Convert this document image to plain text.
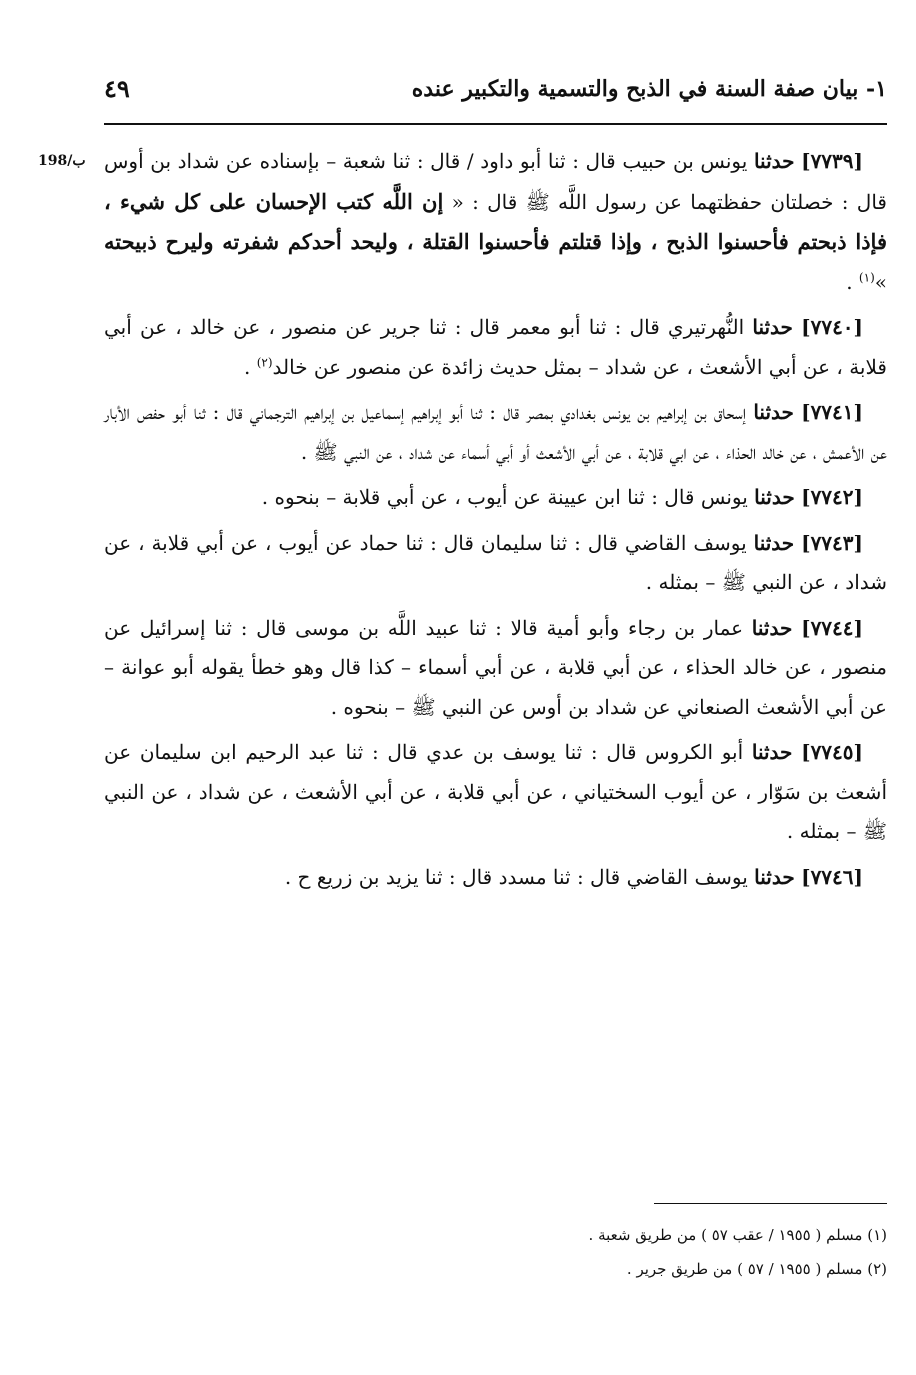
١- بيان صفة السنة في الذبح والتسمية والتكبير عنده
٤٩
198/ب	[٧٧٣٩] حدثنا يونس بن حبيب قال : ثنا أبو داود / قال : ثنا شعبة – بإسناده عن شداد بن أوس قال : خصلتان حفظتهما عن رسول اللَّه ﷺ قال : « إن اللَّه كتب الإحسان على كل شيء ، فإذا ذبحتم فأحسنوا الذبح ، وإذا قتلتم فأحسنوا القتلة ، وليحد أحدكم شفرته وليرح ذبيحته »$^{(١)}$ .

[٧٧٤٠] حدثنا النُّهرتيري قال : ثنا أبو معمر قال : ثنا جرير عن منصور ، عن خالد ، عن أبي قلابة ، عن أبي الأشعث ، عن شداد – بمثل حديث زائدة عن منصور عن خالد$^{(٢)}$ .

[٧٧٤١] حدثنا إسحاق بن إبراهيم بن يونس بغدادي بمصر قال : ثنا أبو إبراهيم إسماعيل بن إبراهيم الترجماني قال : ثنا أبو حفص الأبار عن الأعمش ، عن خالد الحذاء ، عن ابي قلابة ، عن أبي الأشعث أو أبي أسماء عن شداد ، عن النبي ﷺ .

[٧٧٤٢] حدثنا يونس قال : ثنا ابن عيينة عن أيوب ، عن أبي قلابة – بنحوه .

[٧٧٤٣] حدثنا يوسف القاضي قال : ثنا سليمان قال : ثنا حماد عن أيوب ، عن أبي قلابة ، عن شداد ، عن النبي ﷺ – بمثله .

[٧٧٤٤] حدثنا عمار بن رجاء وأبو أمية قالا : ثنا عبيد اللَّه بن موسى قال : ثنا إسرائيل عن منصور ، عن خالد الحذاء ، عن أبي قلابة ، عن أبي أسماء – كذا قال وهو خطأ يقوله أبو عوانة – عن أبي الأشعث الصنعاني عن شداد بن أوس عن النبي ﷺ – بنحوه .

[٧٧٤٥] حدثنا أبو الكروس قال : ثنا يوسف بن عدي قال : ثنا عبد الرحيم ابن سليمان عن أشعث بن سَوّار ، عن أيوب السختياني ، عن أبي قلابة ، عن أبي الأشعث ، عن شداد ، عن النبي ﷺ – بمثله .

[٧٧٤٦] حدثنا يوسف القاضي قال : ثنا مسدد قال : ثنا يزيد بن زريع ح .

(١) مسلم ( ١٩٥٥ / عقب ٥٧ ) من طريق شعبة .
(٢) مسلم ( ١٩٥٥ / ٥٧ ) من طريق جرير .
